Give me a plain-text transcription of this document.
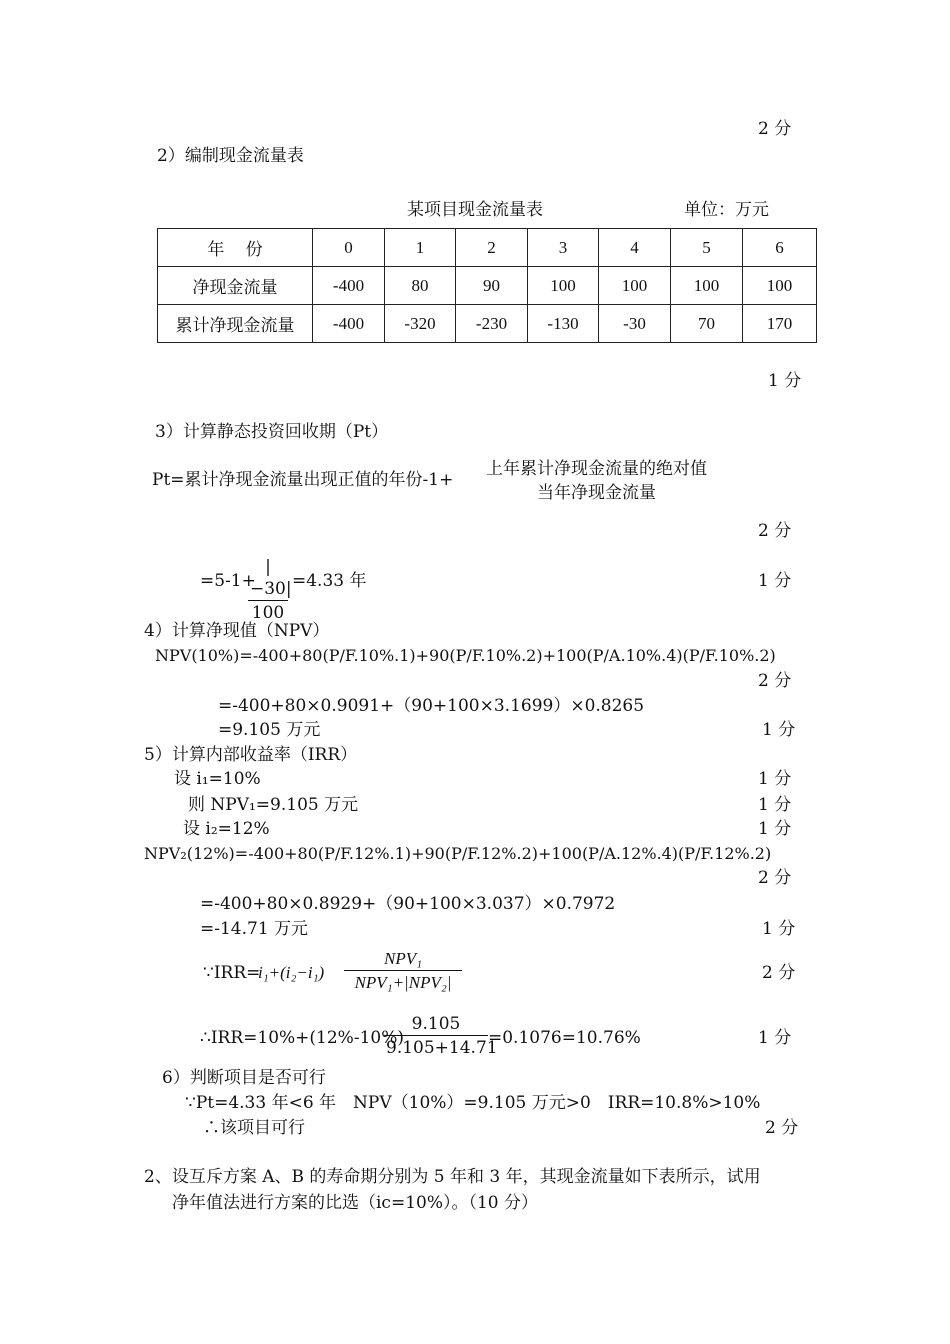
2 分
2）编制现金流量表
某项目现金流量表	单位：万元
年　 份	0	1	2	3	4	5	6
净现金流量	-400	80	90	100	100	100	100
累计净现金流量	-400	-320	-230	-130	-30	70	170
1 分
3）计算静态投资回收期（Pt）
Pt=累计净现金流量出现正值的年份-1+
上年累计净现金流量的绝对值
当年净现金流量
2 分
=5-1+
$\frac{|-30|}{100} =4.33$ 年	1 分
4）计算净现值（NPV）
NPV(10%)=-400+80(P/F.10%.1)+90(P/F.10%.2)+100(P/A.10%.4)(P/F.10%.2)
2 分
=-400+80×0.9091+（90+100×3.1699）×0.8265
=9.105 万元	1 分
5）计算内部收益率（IRR）
设 i₁=10%	1 分
则 NPV₁=9.105 万元	1 分
设 i₂=12%	1 分
NPV₂(12%)=-400+80(P/F.12%.1)+90(P/F.12%.2)+100(P/A.12%.4)(P/F.12%.2)
2 分
=-400+80×0.8929+（90+100×3.037）×0.7972
=-14.71 万元	1 分
∵IRR=
i₁+(i₂−i₁)
NPV₁
NPV₁+|NPV₂|	2 分
∴IRR=10%+(12%-10%)
$\frac{9.105}{9.105+14.71} =0.1076=10.76\%$	1 分
6）判断项目是否可行
∵Pt=4.33 年<6 年　NPV（10%）=9.105 万元>0　IRR=10.8%>10%
∴该项目可行	2 分
2、设互斥方案 A、B 的寿命期分别为 5 年和 3 年，其现金流量如下表所示，试用
净年值法进行方案的比选（ic=10%）。（10 分）
